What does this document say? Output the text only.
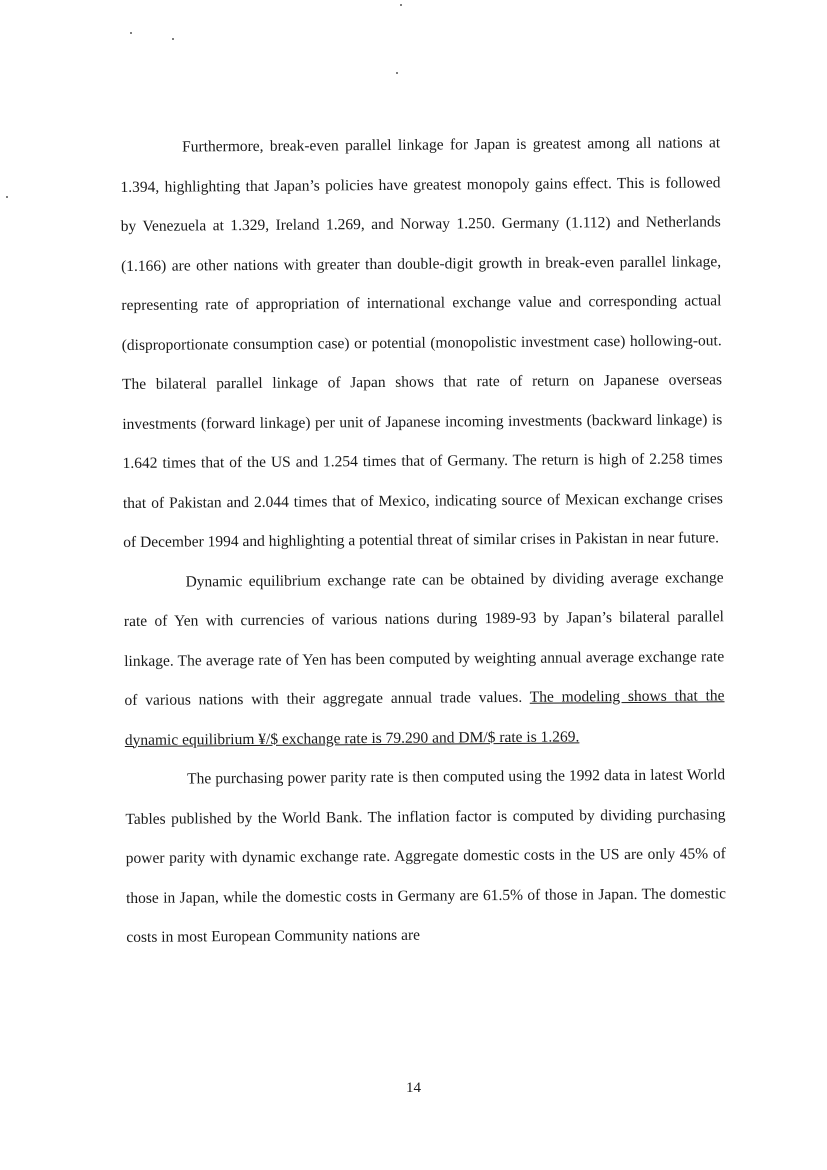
Furthermore, break-even parallel linkage for Japan is greatest among all nations at 1.394, highlighting that Japan’s policies have greatest monopoly gains effect. This is followed by Venezuela at 1.329, Ireland 1.269, and Norway 1.250. Germany (1.112) and Netherlands (1.166) are other nations with greater than double-digit growth in break-even parallel linkage, representing rate of appropriation of international exchange value and corresponding actual (disproportionate consumption case) or potential (monopolistic investment case) hollowing-out. The bilateral parallel linkage of Japan shows that rate of return on Japanese overseas investments (forward linkage) per unit of Japanese incoming investments (backward linkage) is 1.642 times that of the US and 1.254 times that of Germany. The return is high of 2.258 times that of Pakistan and 2.044 times that of Mexico, indicating source of Mexican exchange crises of December 1994 and highlighting a potential threat of similar crises in Pakistan in near future.

Dynamic equilibrium exchange rate can be obtained by dividing average exchange rate of Yen with currencies of various nations during 1989-93 by Japan’s bilateral parallel linkage. The average rate of Yen has been computed by weighting annual average exchange rate of various nations with their aggregate annual trade values. The modeling shows that the dynamic equilibrium ¥/$ exchange rate is 79.290 and DM/$ rate is 1.269.

The purchasing power parity rate is then computed using the 1992 data in latest World Tables published by the World Bank. The inflation factor is computed by dividing purchasing power parity with dynamic exchange rate. Aggregate domestic costs in the US are only 45% of those in Japan, while the domestic costs in Germany are 61.5% of those in Japan. The domestic costs in most European Community nations are

14
